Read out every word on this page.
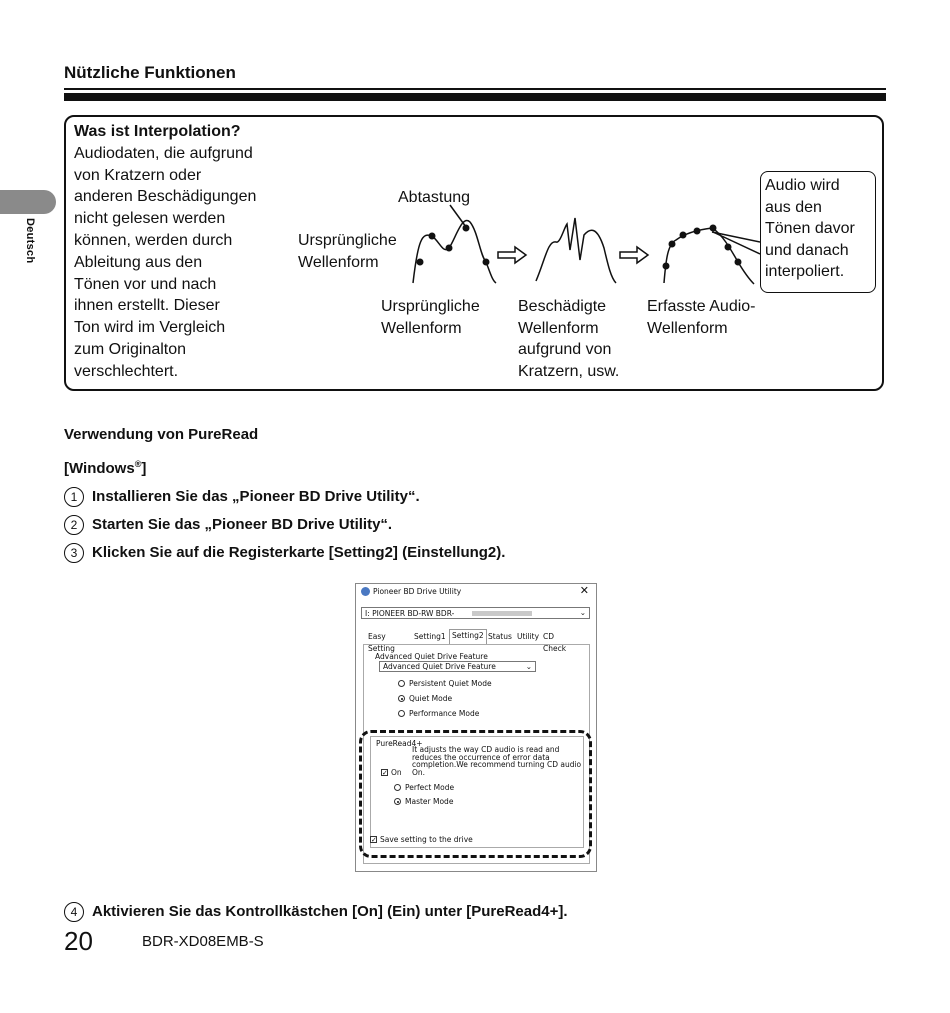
Nützliche Funktionen
Deutsch
Was ist Interpolation?
Audiodaten, die aufgrund
von Kratzern oder
anderen Beschädigungen
nicht gelesen werden
können, werden durch
Ableitung aus den
Tönen vor und nach
ihnen erstellt. Dieser
Ton wird im Vergleich
zum Originalton
verschlechtert.
Abtastung
Ursprüngliche
Wellenform
Ursprüngliche
Wellenform
Beschädigte
Wellenform
aufgrund von
Kratzern, usw.
Erfasste Audio-
Wellenform
Audio wird
aus den
Tönen davor
und danach
interpoliert.
Verwendung von PureRead
[Windows®]
1 Installieren Sie das „Pioneer BD Drive Utility“.
2 Starten Sie das „Pioneer BD Drive Utility“.
3 Klicken Sie auf die Registerkarte [Setting2] (Einstellung2).
Pioneer BD Drive Utility	✕
I: PIONEER BD-RW BDR-	⌄
Easy Setting
Setting1 Setting2 Status Utility CD Check
Advanced Quiet Drive Feature
Advanced Quiet Drive Feature	⌄
Persistent Quiet Mode
Quiet Mode
Performance Mode
PureRead4+
It adjusts the way CD audio is read and reduces the occurrence of error data completion.We recommend turning CD audio On.
✓ On
Perfect Mode
Master Mode
✓ Save setting to the drive
4 Aktivieren Sie das Kontrollkästchen [On] (Ein) unter [PureRead4+].
20	BDR-XD08EMB-S
